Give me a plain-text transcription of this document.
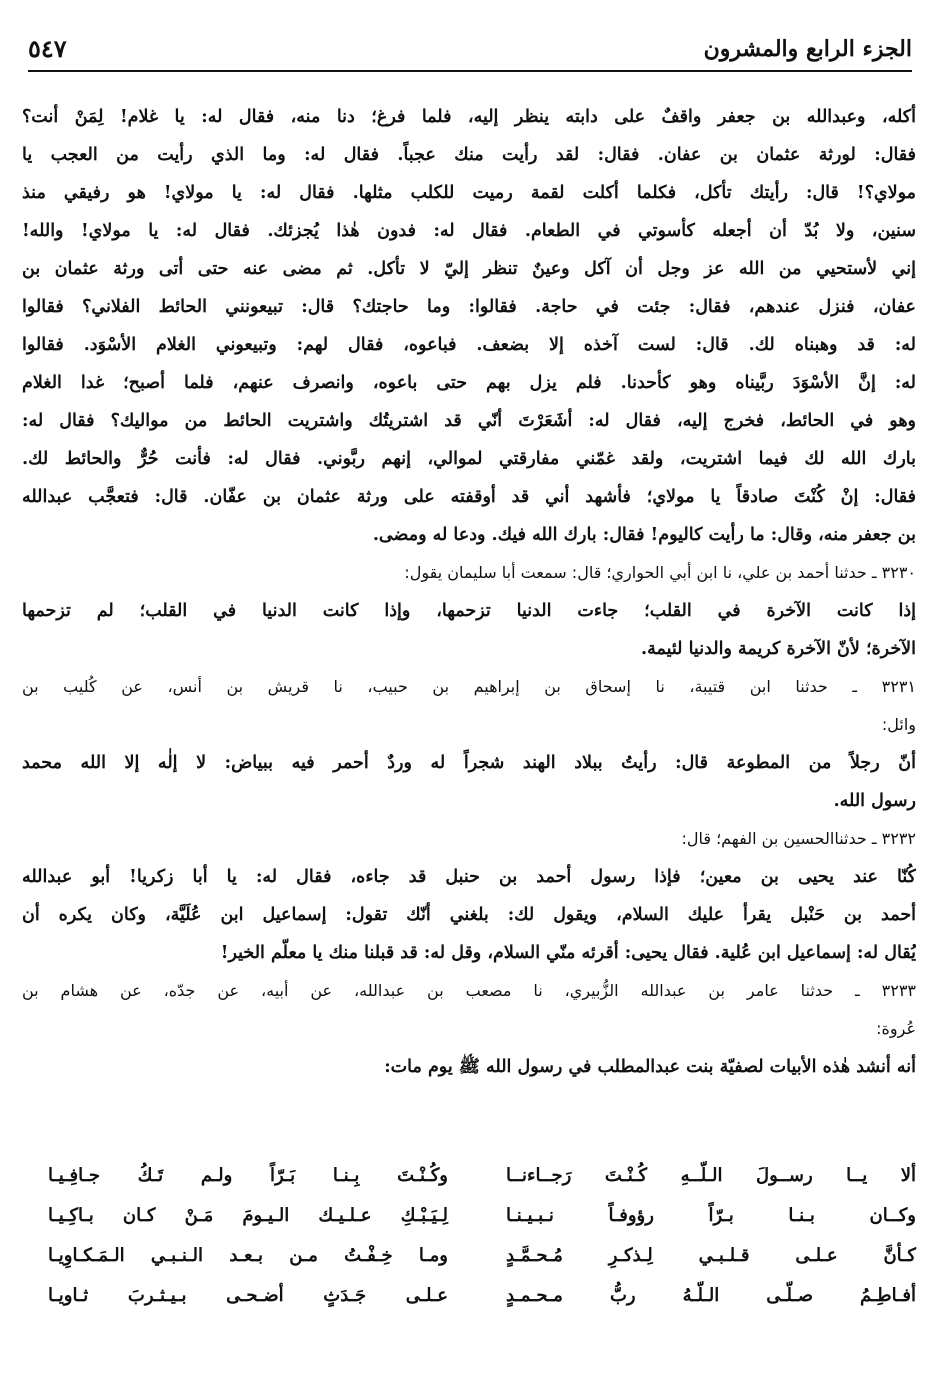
الجزء الرابع والمشرون
٥٤٧
أكله، وعبدالله بن جعفر واقفٌ على دابته ينظر إليه، فلما فرغ؛ دنا منه، فقال له: يا غلام! لِمَنْ أنت؟
فقال: لورثة عثمان بن عفان. فقال: لقد رأيت منك عجباً. فقال له: وما الذي رأيت من العجب يا
مولاي؟! قال: رأيتك تأكل، فكلما أكلت لقمة رميت للكلب مثلها. فقال له: يا مولاي! هو رفيقي منذ
سنين، ولا بُدّ أن أجعله كأسوتي في الطعام. فقال له: فدون هٰذا يُجزئك. فقال له: يا مولاي! والله!
إني لأستحيي من الله عز وجل أن آكل وعينٌ تنظر إليّ لا تأكل. ثم مضى عنه حتى أتى ورثة عثمان بن
عفان، فنزل عندهم، فقال: جئت في حاجة. فقالوا: وما حاجتك؟ قال: تبيعونني الحائط الفلاني؟ فقالوا
له: قد وهبناه لك. قال: لست آخذه إلا بضعف. فباعوه، فقال لهم: وتبيعوني الغلام الأسْوَد. فقالوا
له: إنَّ الأسْوَدَ ربَّيناه وهو كأحدنا. فلم يزل بهم حتى باعوه، وانصرف عنهم، فلما أصبح؛ غدا الغلام
وهو في الحائط، فخرج إليه، فقال له: أشَعَرْتَ أنّي قد اشتريتُك واشتريت الحائط من مواليك؟ فقال له:
بارك الله لك فيما اشتريت، ولقد غمّني مفارقتي لموالي، إنهم ربَّوني. فقال له: فأنت حُرٌّ والحائط لك.
فقال: إنْ كُنْتَ صادقاً يا مولاي؛ فأشهد أني قد أوقفته على ورثة عثمان بن عفّان. قال: فتعجَّب عبدالله
بن جعفر منه، وقال: ما رأيت كاليوم! فقال: بارك الله فيك. ودعا له ومضى.
٣٢٣٠ ـ حدثنا أحمد بن علي، نا ابن أبي الحواري؛ قال: سمعت أبا سليمان يقول:
إذا كانت الآخرة في القلب؛ جاءت الدنيا تزحمها، وإذا كانت الدنيا في القلب؛ لم تزحمها
الآخرة؛ لأنّ الآخرة كريمة والدنيا لئيمة.
٣٢٣١ ـ حدثنا ابن قتيبة، نا إسحاق بن إبراهيم بن حبيب، نا قريش بن أنس، عن كُليب بن
وائل:
أنّ رجلاً من المطوعة قال: رأيتُ ببلاد الهند شجراً له وردٌ أحمر فيه ببياض: لا إلٰه إلا الله محمد
رسول الله.
٣٢٣٢ ـ حدثناالحسين بن الفهم؛ قال:
كُنّا عند يحيى بن معين؛ فإذا رسول أحمد بن حنبل قد جاءه، فقال له: يا أبا زكريا! أبو عبدالله
أحمد بن حَنْبل يقرأ عليك السلام، ويقول لك: بلغني أنّك تقول: إسماعيل ابن عُلَيَّة، وكان يكره أن
يُقال له: إسماعيل ابن عُلية. فقال يحيى: أقرئه منّي السلام، وقل له: قد قبلنا منك يا معلّم الخير!
٣٢٣٣ ـ حدثنا عامر بن عبدالله الزُّبيري، نا مصعب بن عبدالله، عن أبيه، عن جدّه، عن هشام بن
عُروة:
أنه أنشد هٰذه الأبيات لصفيّة بنت عبدالمطلب في رسول الله ﷺ يوم مات:
ألا يــا رســولَ الـلّــهِ كُـنْـتَ رَجــاءنــا
وكُـنْـتَ بِـنـا بَـرّاً ولـم تَـكُ جـافِـيـا
وكــان بـنـا بـرّاً رؤوفـاً نـبـيـنـا
لِـيَـبْـكِ عـلـيـك الـيـومَ مَـنْ كـان بـاكِـيـا
كـأنَّ عـلـى قـلـبـي لِـذكـرِ مُـحـمَّـدٍ
ومـا خِـفْـتُ مـن بـعـد الـنـبـي الـمَـكـاوِيـا
أفـاطِـمُ صـلّـى الـلّـهُ ربُّ مـحـمـدٍ
عـلـى جَـدَثٍ أضـحـى بـيـثـربَ ثـاويـا
